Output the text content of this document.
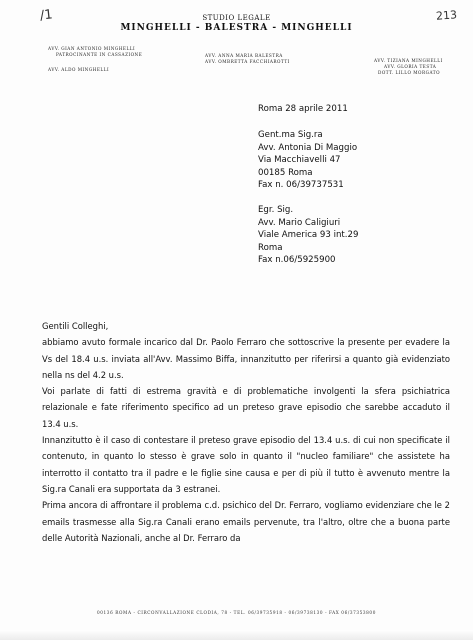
/1	213
STUDIO LEGALE
MINGHELLI - BALESTRA - MINGHELLI
AVV. GIAN ANTONIO MINGHELLI
PATROCINANTE IN CASSAZIONE
AVV. ALDO MINGHELLI
AVV. ANNA MARIA BALESTRA
AVV. OMBRETTA FACCHIAROTTI	AVV. TIZIANA MINGHELLI
AVV. GLORIA TESTA
DOTT. LILLO MORGATO
Roma 28 aprile 2011
Gent.ma Sig.ra
Avv. Antonia Di Maggio
Via Macchiavelli 47
00185 Roma
Fax n. 06/39737531
Egr. Sig.
Avv. Mario Caligiuri
Viale America 93 int.29
Roma
Fax n.06/5925900

Gentili Colleghi,

abbiamo avuto formale incarico dal Dr. Paolo Ferraro che sottoscrive la presente per evadere la Vs del 18.4 u.s. inviata all'Avv. Massimo Biffa, innanzitutto per riferirsi a quanto già evidenziato nella ns del 4.2 u.s.

Voi parlate di fatti di estrema gravità e di problematiche involgenti la sfera psichiatrica relazionale e fate riferimento specifico ad un preteso grave episodio che sarebbe accaduto il 13.4 u.s.

Innanzitutto è il caso di contestare il preteso grave episodio del 13.4 u.s. di cui non specificate il contenuto, in quanto lo stesso è grave solo in quanto il "nucleo familiare" che assistete ha interrotto il contatto tra il padre e le figlie sine causa e per di più il tutto è avvenuto mentre la Sig.ra Canali era supportata da 3 estranei.

Prima ancora di affrontare il problema c.d. psichico del Dr. Ferraro, vogliamo evidenziare che le 2 emails trasmesse alla Sig.ra Canali erano emails pervenute, tra l'altro, oltre che a buona parte delle Autorità Nazionali, anche al Dr. Ferraro da

00136 ROMA - CIRCONVALLAZIONE CLODIA, 78 - TEL. 06/39735918 - 06/39738130 - FAX 06/37353800
